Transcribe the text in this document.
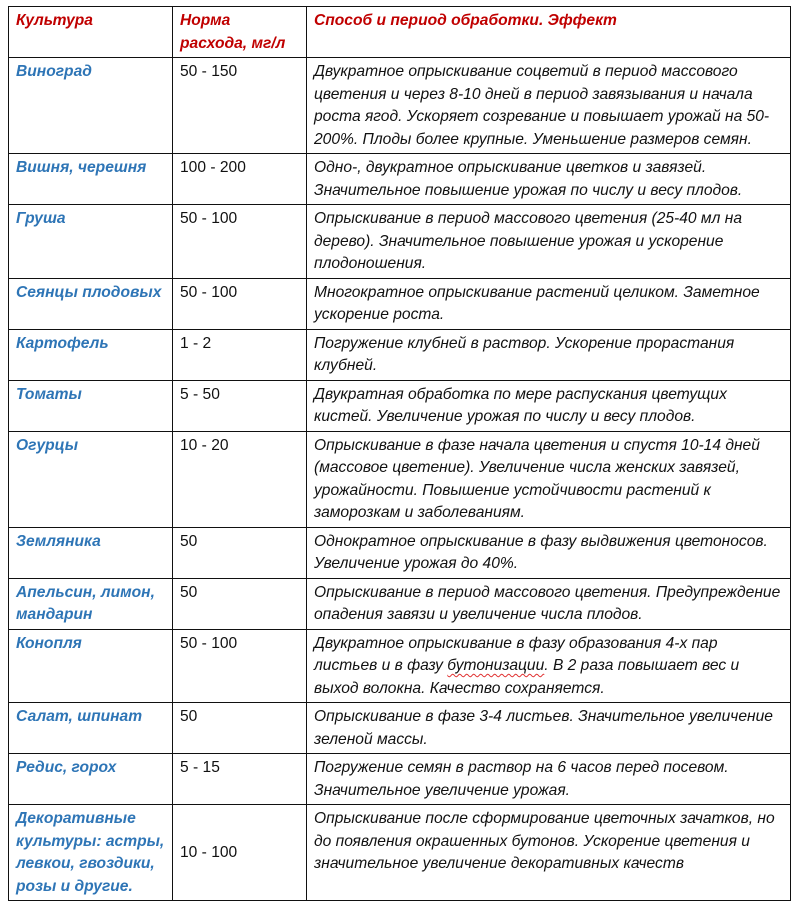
Культура	Норма расхода, мг/л	Способ и период обработки. Эффект
Виноград	50 - 150	Двукратное опрыскивание соцветий в период массового цветения и через 8-10 дней в период завязывания и начала роста ягод. Ускоряет созревание и повышает урожай на 50-200%. Плоды более крупные. Уменьшение размеров семян.
Вишня, черешня	100 - 200	Одно-, двукратное опрыскивание цветков и завязей. Значительное повышение урожая по числу и весу плодов.
Груша	50 - 100	Опрыскивание в период массового цветения (25-40 мл на дерево). Значительное повышение урожая и ускорение плодоношения.
Сеянцы плодовых	50 - 100	Многократное опрыскивание растений целиком. Заметное ускорение роста.
Картофель	1 - 2	Погружение клубней в раствор. Ускорение прорастания клубней.
Томаты	5 - 50	Двукратная обработка по мере распускания цветущих кистей. Увеличение урожая по числу и весу плодов.
Огурцы	10 - 20	Опрыскивание в фазе начала цветения и спустя 10-14 дней (массовое цветение). Увеличение числа женских завязей, урожайности. Повышение устойчивости растений к заморозкам и заболеваниям.
Земляника	50	Однократное опрыскивание в фазу выдвижения цветоносов. Увеличение урожая до 40%.
Апельсин, лимон, мандарин	50	Опрыскивание в период массового цветения. Предупреждение опадения завязи и увеличение числа плодов.
Конопля	50 - 100	Двукратное опрыскивание в фазу образования 4-х пар листьев и в фазу бутонизации. В 2 раза повышает вес и выход волокна. Качество сохраняется.
Салат, шпинат	50	Опрыскивание в фазе 3-4 листьев. Значительное увеличение зеленой массы.
Редис, горох	5 - 15	Погружение семян в раствор на 6 часов перед посевом. Значительное увеличение урожая.
Декоративные культуры: астры, левкои, гвоздики, розы и другие.	10 - 100	Опрыскивание после сформирование цветочных зачатков, но до появления окрашенных бутонов. Ускорение цветения и значительное увеличение декоративных качеств
